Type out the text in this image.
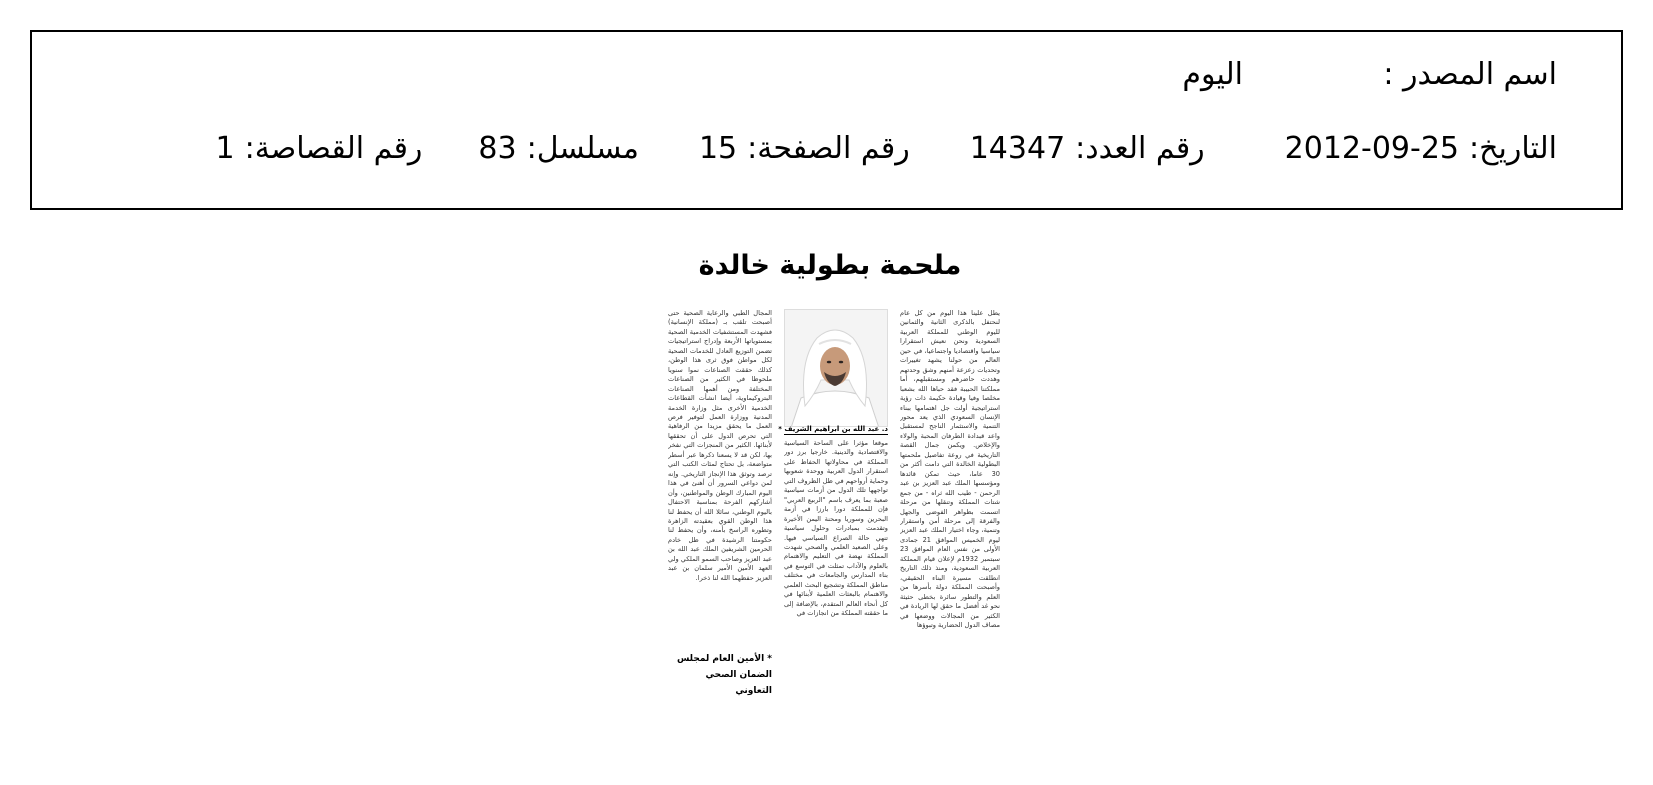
اسم المصدر :
اليوم
التاريخ:
2012-09-25
رقم العدد:
14347
رقم الصفحة:
15
مسلسل:
83
رقم القصاصة:
1
ملحمة بطولية خالدة
يطل علينا هذا اليوم من كل عام لنحتفل بالذكرى الثانية والثمانين لليوم الوطني للمملكة العربية السعودية ونحن نعيش استقرارا سياسيا واقتصاديا واجتماعيا، في حين العالم من حولنا يشهد تغييرات وتحديات زعزعة أمنهم وشق وحدتهم وهددت حاضرهم ومستقبلهم، أما مملكتنا الحبيبة فقد حباها الله بشعبا مخلصا وفيا وقيادة حكيمة ذات رؤية استراتيجية أولت جل اهتمامها ببناء الإنسان السعودي الذي يعد محور التنمية والاستثمار الناجح لمستقبل واعد قبدادة الطرفان المحبة والولاء والإخلاص. ويكمن جمال القصة التاريخية في روعة تفاصيل ملحمتها البطولية الخالدة التي دامت أكثر من 30 عاما، حيث تمكن قائدها ومؤسسها الملك عبد العزيز بن عبد الرحمن - طيب الله ثراه - من جمع شتات المملكة وتنقلها من مرحلة اتسمت بظواهر الفوضى والجهل والفرقة إلى مرحلة أمن واستقرار وتنمية، وجاء اختيار الملك عبد العزيز ليوم الخميس الموافق 21 جمادى الأولى من نفس العام الموافق 23 سبتمبر 1932م لإعلان قيام المملكة العربية السعودية، ومنذ ذلك التاريخ انطلقت مسيرة البناء الحقيقي، وأصبحت المملكة دولة بأسرها من العلم والتطور سائرة بخطى حثيثة نحو غد أفضل ما حقق لها الريادة في الكثير من المجالات ووضعها في مصاف الدول الحضارية وتبوؤها
د. عبد الله بن ابراهيم الشريف *
موقعا مؤثرا على الساحة السياسية والاقتصادية والدينية. خارجيا برز دور المملكة في محاولاتها الحفاظ على استقرار الدول العربية ووحدة شعوبها وحماية أرواحهم في ظل الظروف التي تواجهها تلك الدول من أزمات سياسية صعبة بما يعرف باسم "الربيع العربي" فإن للمملكة دورا بارزا في أزمة البحرين وسوريا ومحنة اليمن الأخيرة وتقدمت بمبادرات وحلول سياسية تنهي حالة الصراع السياسي فيها. وعلى الصعيد العلمي والصحي شهدت المملكة نهضة في التعليم والاهتمام بالعلوم والآداب تمثلت في التوسع في بناء المدارس والجامعات في مختلف مناطق المملكة وتشجيع البحث العلمي والاهتمام بالبعثات العلمية لأبنائها في كل أنحاء العالم المتقدم، بالإضافة إلى ما حققته المملكة من انجازات في
المجال الطبي والرعاية الصحية حتى أصبحت تلقب بـ (مملكة الإنسانية) فشهدت المستشفيات الخدمية الصحية بمستوياتها الأربعة وإدراج استراتيجيات تضمن التوزيع العادل للخدمات الصحية لكل مواطن فوق ثرى هذا الوطن، كذلك حققت الصناعات نموا سنويا ملحوظا في الكثير من الصناعات المختلفة ومن أهمها الصناعات البتروكيماوية، أيضا انشأت القطاعات الخدمية الأخرى مثل وزارة الخدمة المدنية ووزارة العمل لتوفير فرص العمل ما يحقق مزيدا من الرفاهية التي تحرص الدول على أن تحققها لأبنائها. الكثير من المنجزات التي نفخر بها، لكن قد لا يسعنا ذكرها عبر أسطر متواضعة، بل تحتاج لمئات الكتب التي ترصد وتوثق هذا الإنجاز التاريخي. وإنه لمن دواعي السرور أن أهنئ في هذا اليوم المبارك الوطن والمواطنين، وأن أشاركهم الفرحة بمناسبة الاحتفال باليوم الوطني، سائلا الله أن يحفظ لنا هذا الوطن القوي بعقيدته الزاهرة وتطوره الراسخ بأمنه، وأن يحفظ لنا حكومتنا الرشيدة في ظل خادم الحرمين الشريفين الملك عبد الله بن عبد العزيز وصاحب السمو الملكي ولي العهد الأمين الأمير سلمان بن عبد العزيز حفظهما الله لنا ذخرا.
* الأمين العام لمجلس
الضمان الصحي التعاوني
